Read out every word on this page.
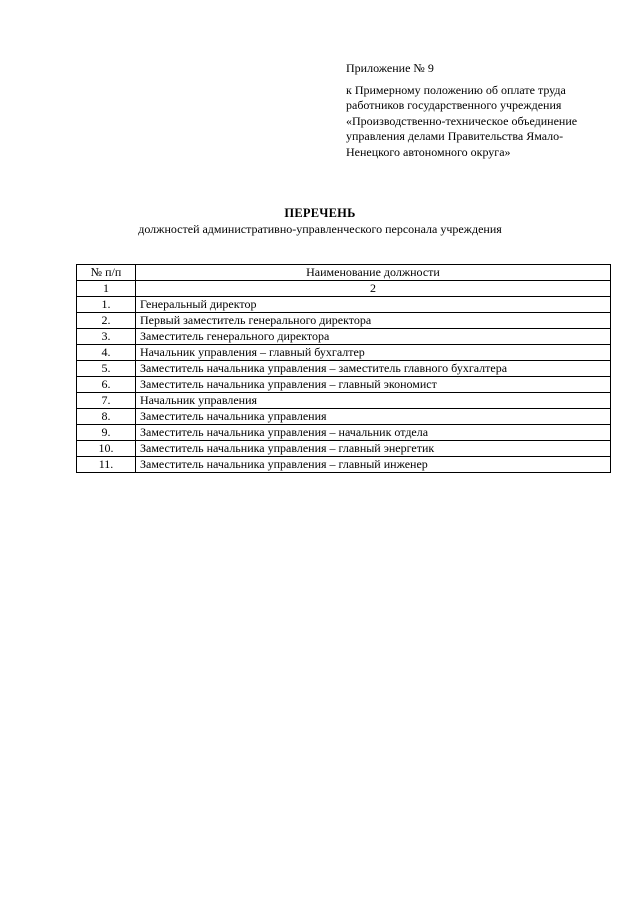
Приложение № 9
к Примерному положению об оплате труда
работников государственного учреждения
«Производственно-техническое объединение
управления делами Правительства Ямало-
Ненецкого автономного округа»
ПЕРЕЧЕНЬ
должностей административно-управленческого персонала учреждения
№ п/п	Наименование должности
1	2
1.	Генеральный директор
2.	Первый заместитель генерального директора
3.	Заместитель генерального директора
4.	Начальник управления – главный бухгалтер
5.	Заместитель начальника управления – заместитель главного бухгалтера
6.	Заместитель начальника управления – главный экономист
7.	Начальник управления
8.	Заместитель начальника управления
9.	Заместитель начальника управления – начальник отдела
10.	Заместитель начальника управления – главный энергетик
11.	Заместитель начальника управления – главный инженер
